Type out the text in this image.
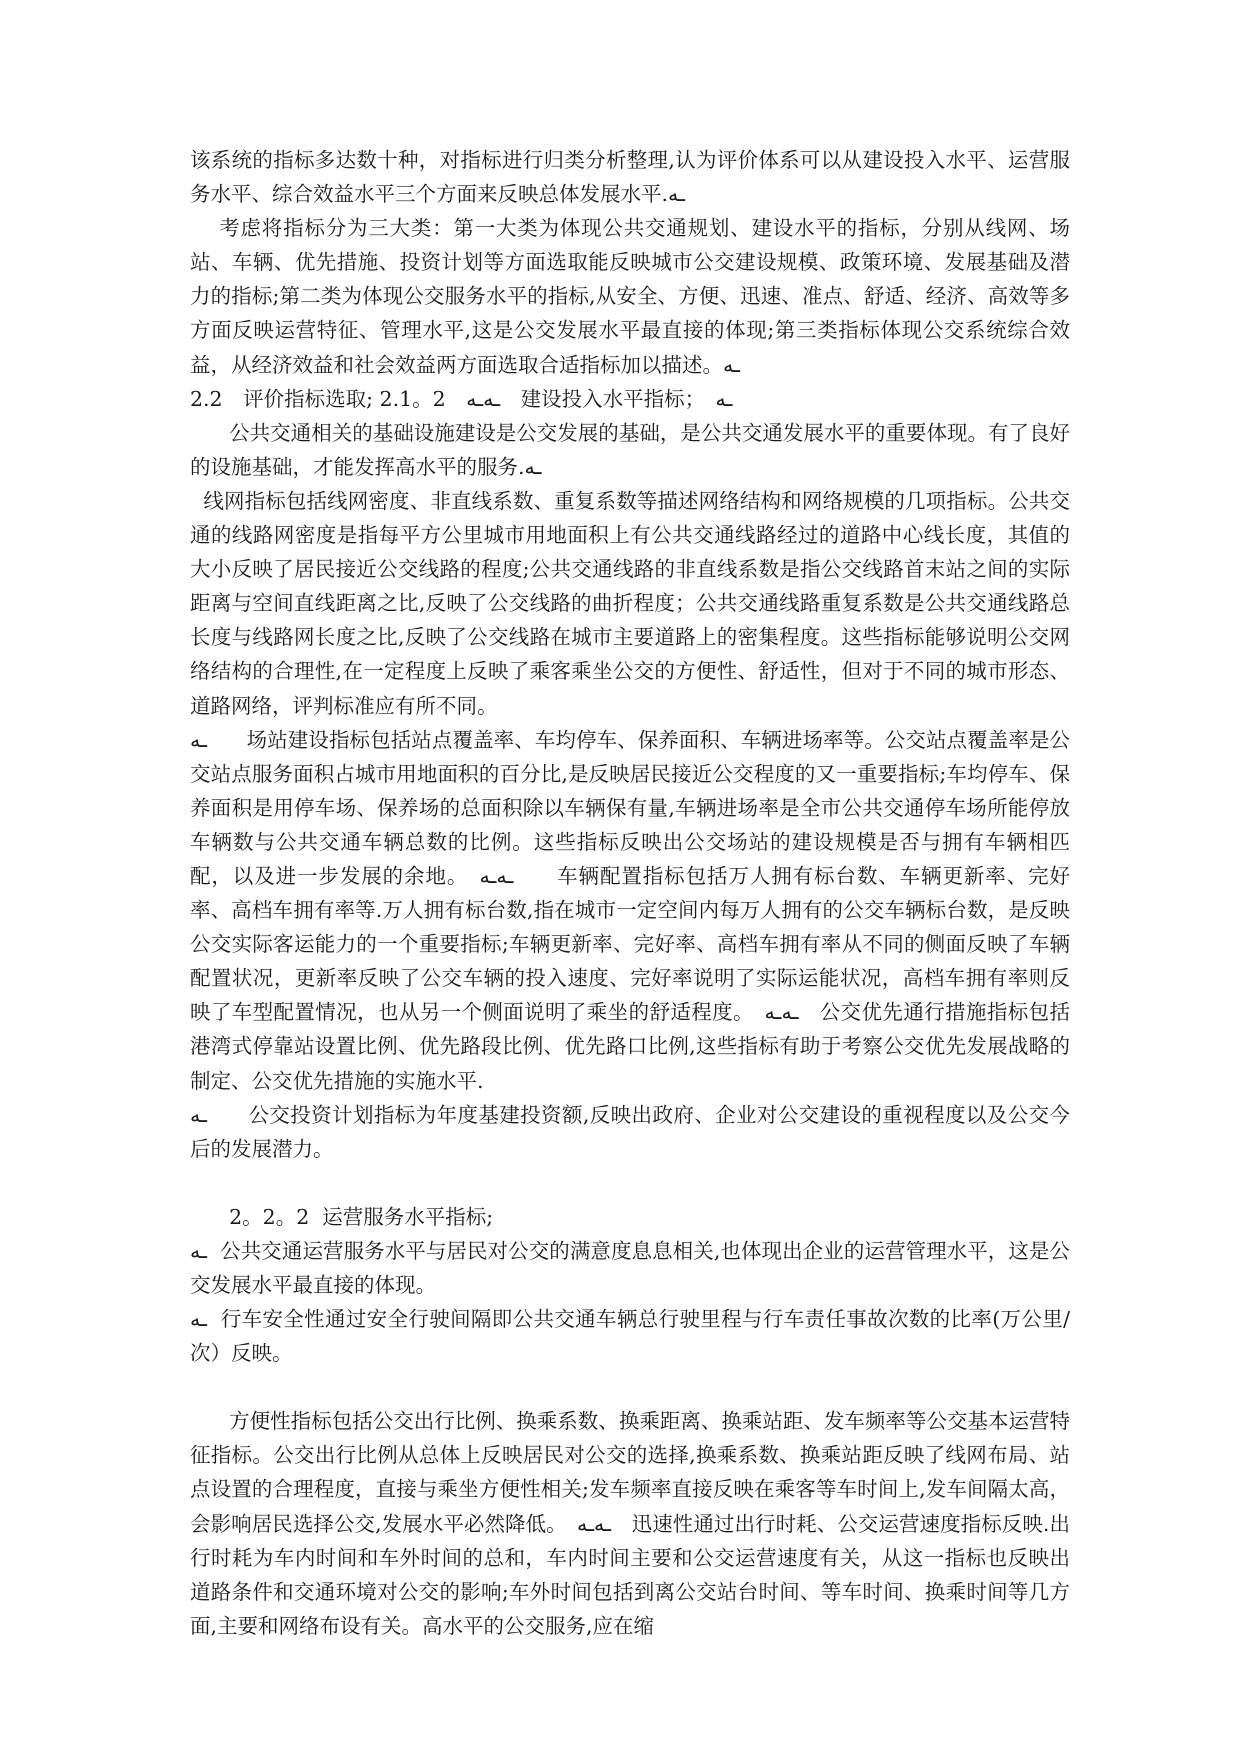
该系统的指标多达数十种，对指标进行归类分析整理,认为评价体系可以从建设投入水平、运营服务水平、综合效益水平三个方面来反映总体发展水平.ـﻪ

考虑将指标分为三大类：第一大类为体现公共交通规划、建设水平的指标，分别从线网、场站、车辆、优先措施、投资计划等方面选取能反映城市公交建设规模、政策环境、发展基础及潜力的指标;第二类为体现公交服务水平的指标,从安全、方便、迅速、准点、舒适、经济、高效等多方面反映运营特征、管理水平,这是公交发展水平最直接的体现;第三类指标体现公交系统综合效益，从经济效益和社会效益两方面选取合适指标加以描述。ـﻪ

2.2　评价指标选取; 2.1。2　ـﻪـﻪ　建设投入水平指标；　ـﻪ

公共交通相关的基础设施建设是公交发展的基础，是公共交通发展水平的重要体现。有了良好的设施基础，才能发挥高水平的服务.ـﻪ

线网指标包括线网密度、非直线系数、重复系数等描述网络结构和网络规模的几项指标。公共交通的线路网密度是指每平方公里城市用地面积上有公共交通线路经过的道路中心线长度，其值的大小反映了居民接近公交线路的程度;公共交通线路的非直线系数是指公交线路首末站之间的实际距离与空间直线距离之比,反映了公交线路的曲折程度；公共交通线路重复系数是公共交通线路总长度与线路网长度之比,反映了公交线路在城市主要道路上的密集程度。这些指标能够说明公交网络结构的合理性,在一定程度上反映了乘客乘坐公交的方便性、舒适性，但对于不同的城市形态、道路网络，评判标准应有所不同。

ـﻪ      场站建设指标包括站点覆盖率、车均停车、保养面积、车辆进场率等。公交站点覆盖率是公交站点服务面积占城市用地面积的百分比,是反映居民接近公交程度的又一重要指标;车均停车、保养面积是用停车场、保养场的总面积除以车辆保有量,车辆进场率是全市公共交通停车场所能停放车辆数与公共交通车辆总数的比例。这些指标反映出公交场站的建设规模是否与拥有车辆相匹配，以及进一步发展的余地。　ـﻪـﻪ　　车辆配置指标包括万人拥有标台数、车辆更新率、完好率、高档车拥有率等.万人拥有标台数,指在城市一定空间内每万人拥有的公交车辆标台数，是反映公交实际客运能力的一个重要指标;车辆更新率、完好率、高档车拥有率从不同的侧面反映了车辆配置状况，更新率反映了公交车辆的投入速度、完好率说明了实际运能状况，高档车拥有率则反映了车型配置情况，也从另一个侧面说明了乘坐的舒适程度。　ـﻪـﻪ　公交优先通行措施指标包括港湾式停靠站设置比例、优先路段比例、优先路口比例,这些指标有助于考察公交优先发展战略的制定、公交优先措施的实施水平.

ـﻪ      公交投资计划指标为年度基建投资额,反映出政府、企业对公交建设的重视程度以及公交今后的发展潜力。

2。2。2  运营服务水平指标;

ـﻪ  公共交通运营服务水平与居民对公交的满意度息息相关,也体现出企业的运营管理水平，这是公交发展水平最直接的体现。

ـﻪ  行车安全性通过安全行驶间隔即公共交通车辆总行驶里程与行车责任事故次数的比率(万公里/次）反映。

方便性指标包括公交出行比例、换乘系数、换乘距离、换乘站距、发车频率等公交基本运营特征指标。公交出行比例从总体上反映居民对公交的选择,换乘系数、换乘站距反映了线网布局、站点设置的合理程度，直接与乘坐方便性相关;发车频率直接反映在乘客等车时间上,发车间隔太高，会影响居民选择公交,发展水平必然降低。　ـﻪـﻪ　迅速性通过出行时耗、公交运营速度指标反映.出行时耗为车内时间和车外时间的总和，车内时间主要和公交运营速度有关，从这一指标也反映出道路条件和交通环境对公交的影响;车外时间包括到离公交站台时间、等车时间、换乘时间等几方面,主要和网络布设有关。高水平的公交服务,应在缩
